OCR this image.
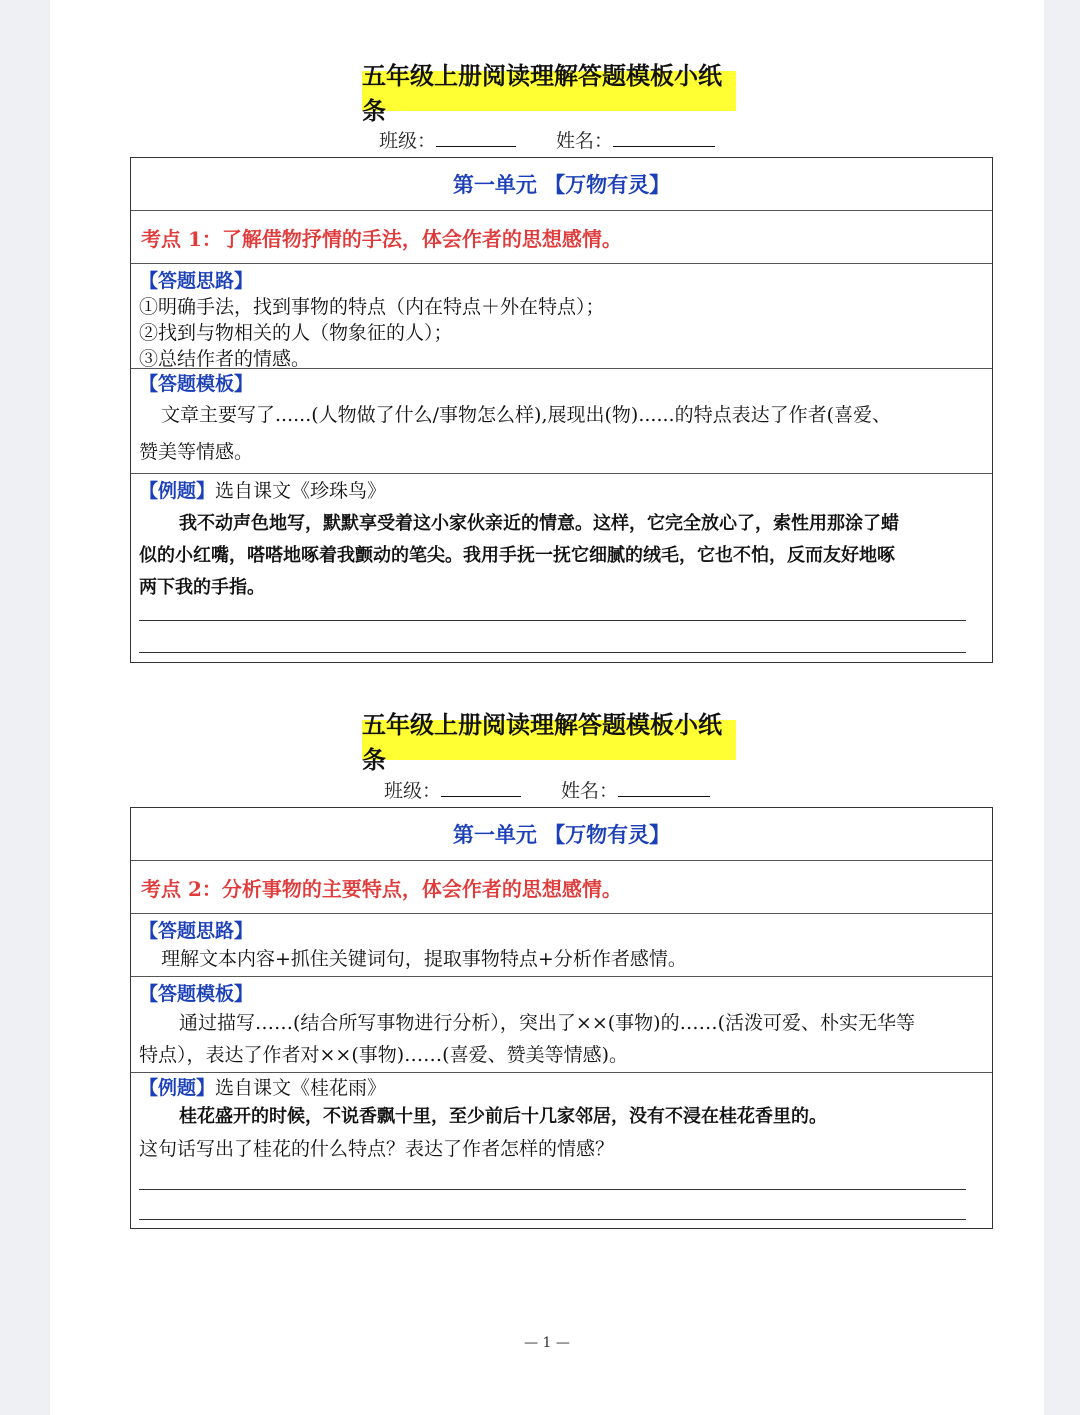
五年级上册阅读理解答题模板小纸条
班级：	姓名：
第一单元 【万物有灵】
考点 1：了解借物抒情的手法，体会作者的思想感情。
【答题思路】
①明确手法，找到事物的特点（内在特点＋外在特点）；
②找到与物相关的人（物象征的人）；
③总结作者的情感。
【答题模板】
文章主要写了......(人物做了什么/事物怎么样),展现出(物)......的特点表达了作者(喜爱、
赞美等情感。
【例题】选自课文《珍珠鸟》
我不动声色地写，默默享受着这小家伙亲近的情意。这样，它完全放心了，索性用那涂了蜡
似的小红嘴，嗒嗒地啄着我颤动的笔尖。我用手抚一抚它细腻的绒毛，它也不怕，反而友好地啄
两下我的手指。
五年级上册阅读理解答题模板小纸条
班级：	姓名：
第一单元 【万物有灵】
考点 2：分析事物的主要特点，体会作者的思想感情。
【答题思路】
理解文本内容+抓住关键词句，提取事物特点+分析作者感情。
【答题模板】
通过描写……(结合所写事物进行分析），突出了××(事物)的……(活泼可爱、朴实无华等
特点），表达了作者对××(事物)……(喜爱、赞美等情感)。
【例题】选自课文《桂花雨》
桂花盛开的时候，不说香飘十里，至少前后十几家邻居，没有不浸在桂花香里的。
这句话写出了桂花的什么特点？表达了作者怎样的情感？
— 1 —
